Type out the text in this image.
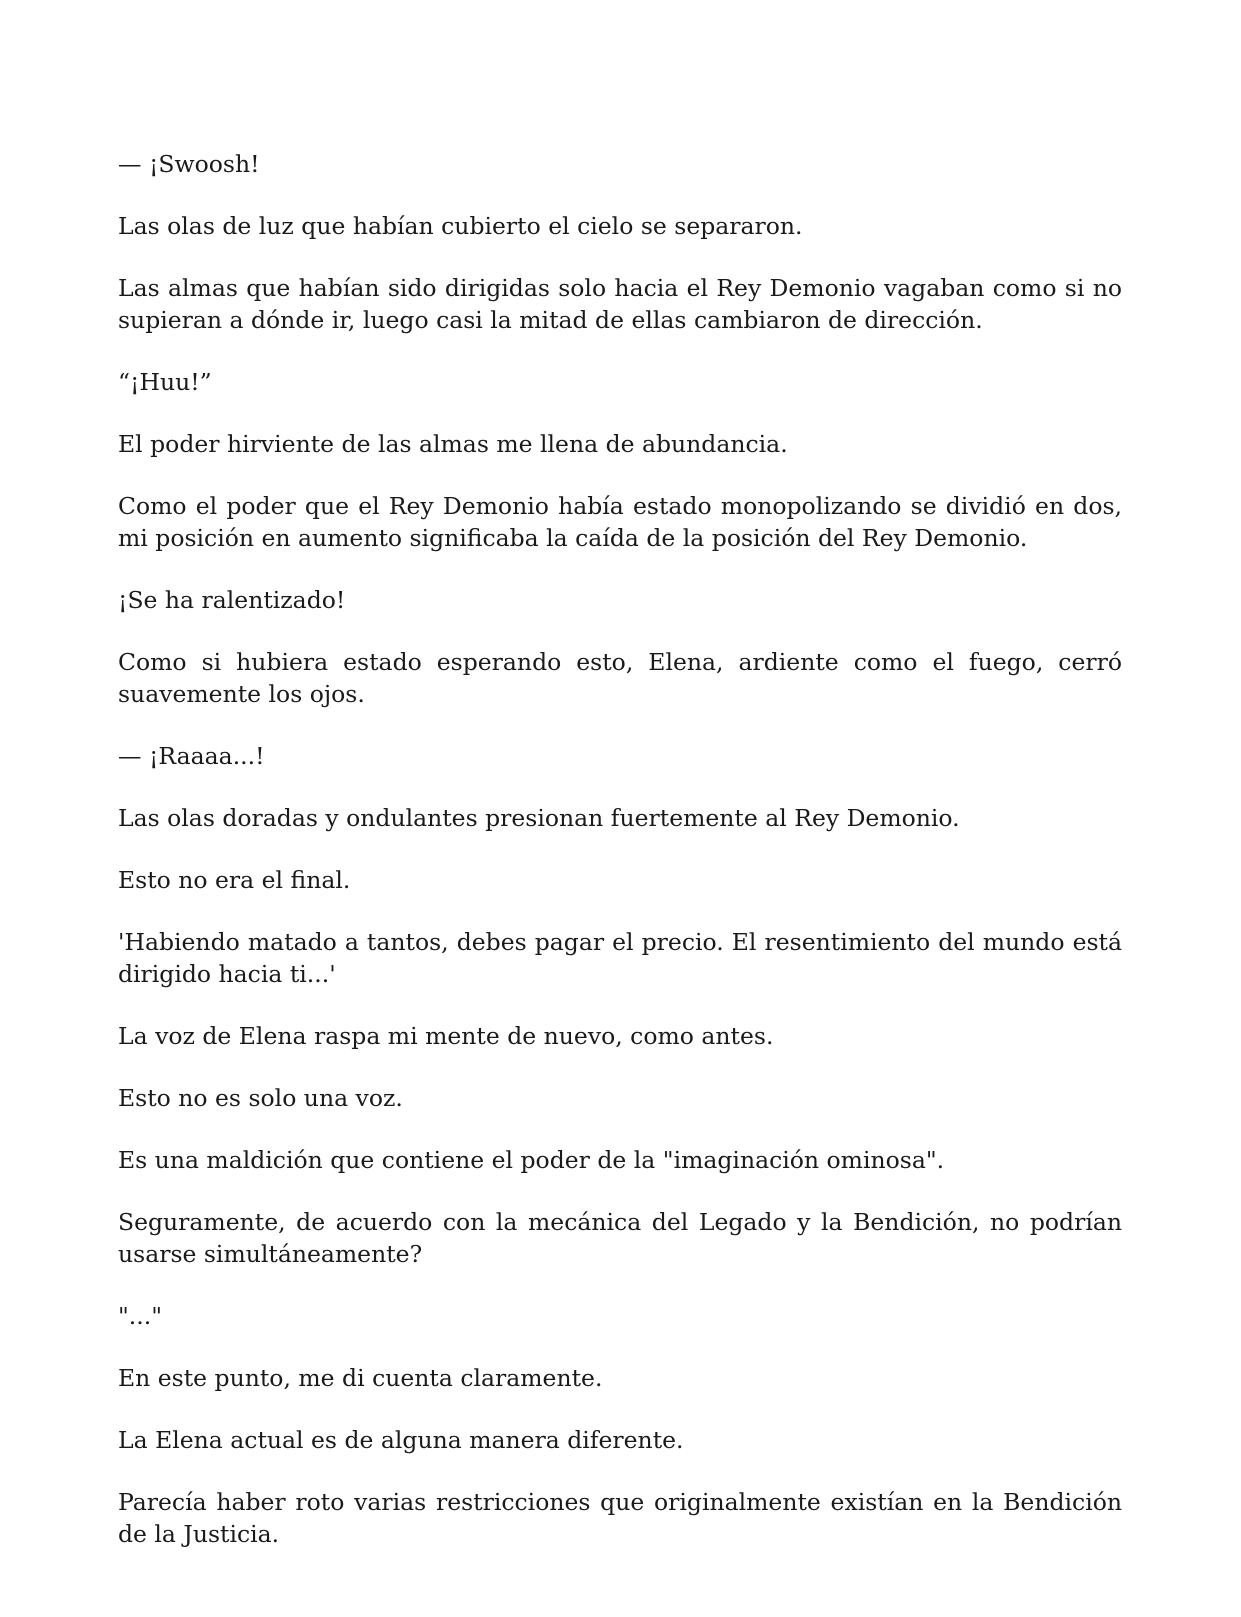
— ¡Swoosh!

Las olas de luz que habían cubierto el cielo se separaron.

Las almas que habían sido dirigidas solo hacia el Rey Demonio vagaban como si no supieran a dónde ir, luego casi la mitad de ellas cambiaron de dirección.

“¡Huu!”

El poder hirviente de las almas me llena de abundancia.

Como el poder que el Rey Demonio había estado monopolizando se dividió en dos, mi posición en aumento significaba la caída de la posición del Rey Demonio.

¡Se ha ralentizado!

Como si hubiera estado esperando esto, Elena, ardiente como el fuego, cerró suavemente los ojos.

— ¡Raaaa...!

Las olas doradas y ondulantes presionan fuertemente al Rey Demonio.

Esto no era el final.

'Habiendo matado a tantos, debes pagar el precio. El resentimiento del mundo está dirigido hacia ti...'

La voz de Elena raspa mi mente de nuevo, como antes.

Esto no es solo una voz.

Es una maldición que contiene el poder de la "imaginación ominosa".

Seguramente, de acuerdo con la mecánica del Legado y la Bendición, no podrían usarse simultáneamente?

"..."

En este punto, me di cuenta claramente.

La Elena actual es de alguna manera diferente.

Parecía haber roto varias restricciones que originalmente existían en la Bendición de la Justicia.
